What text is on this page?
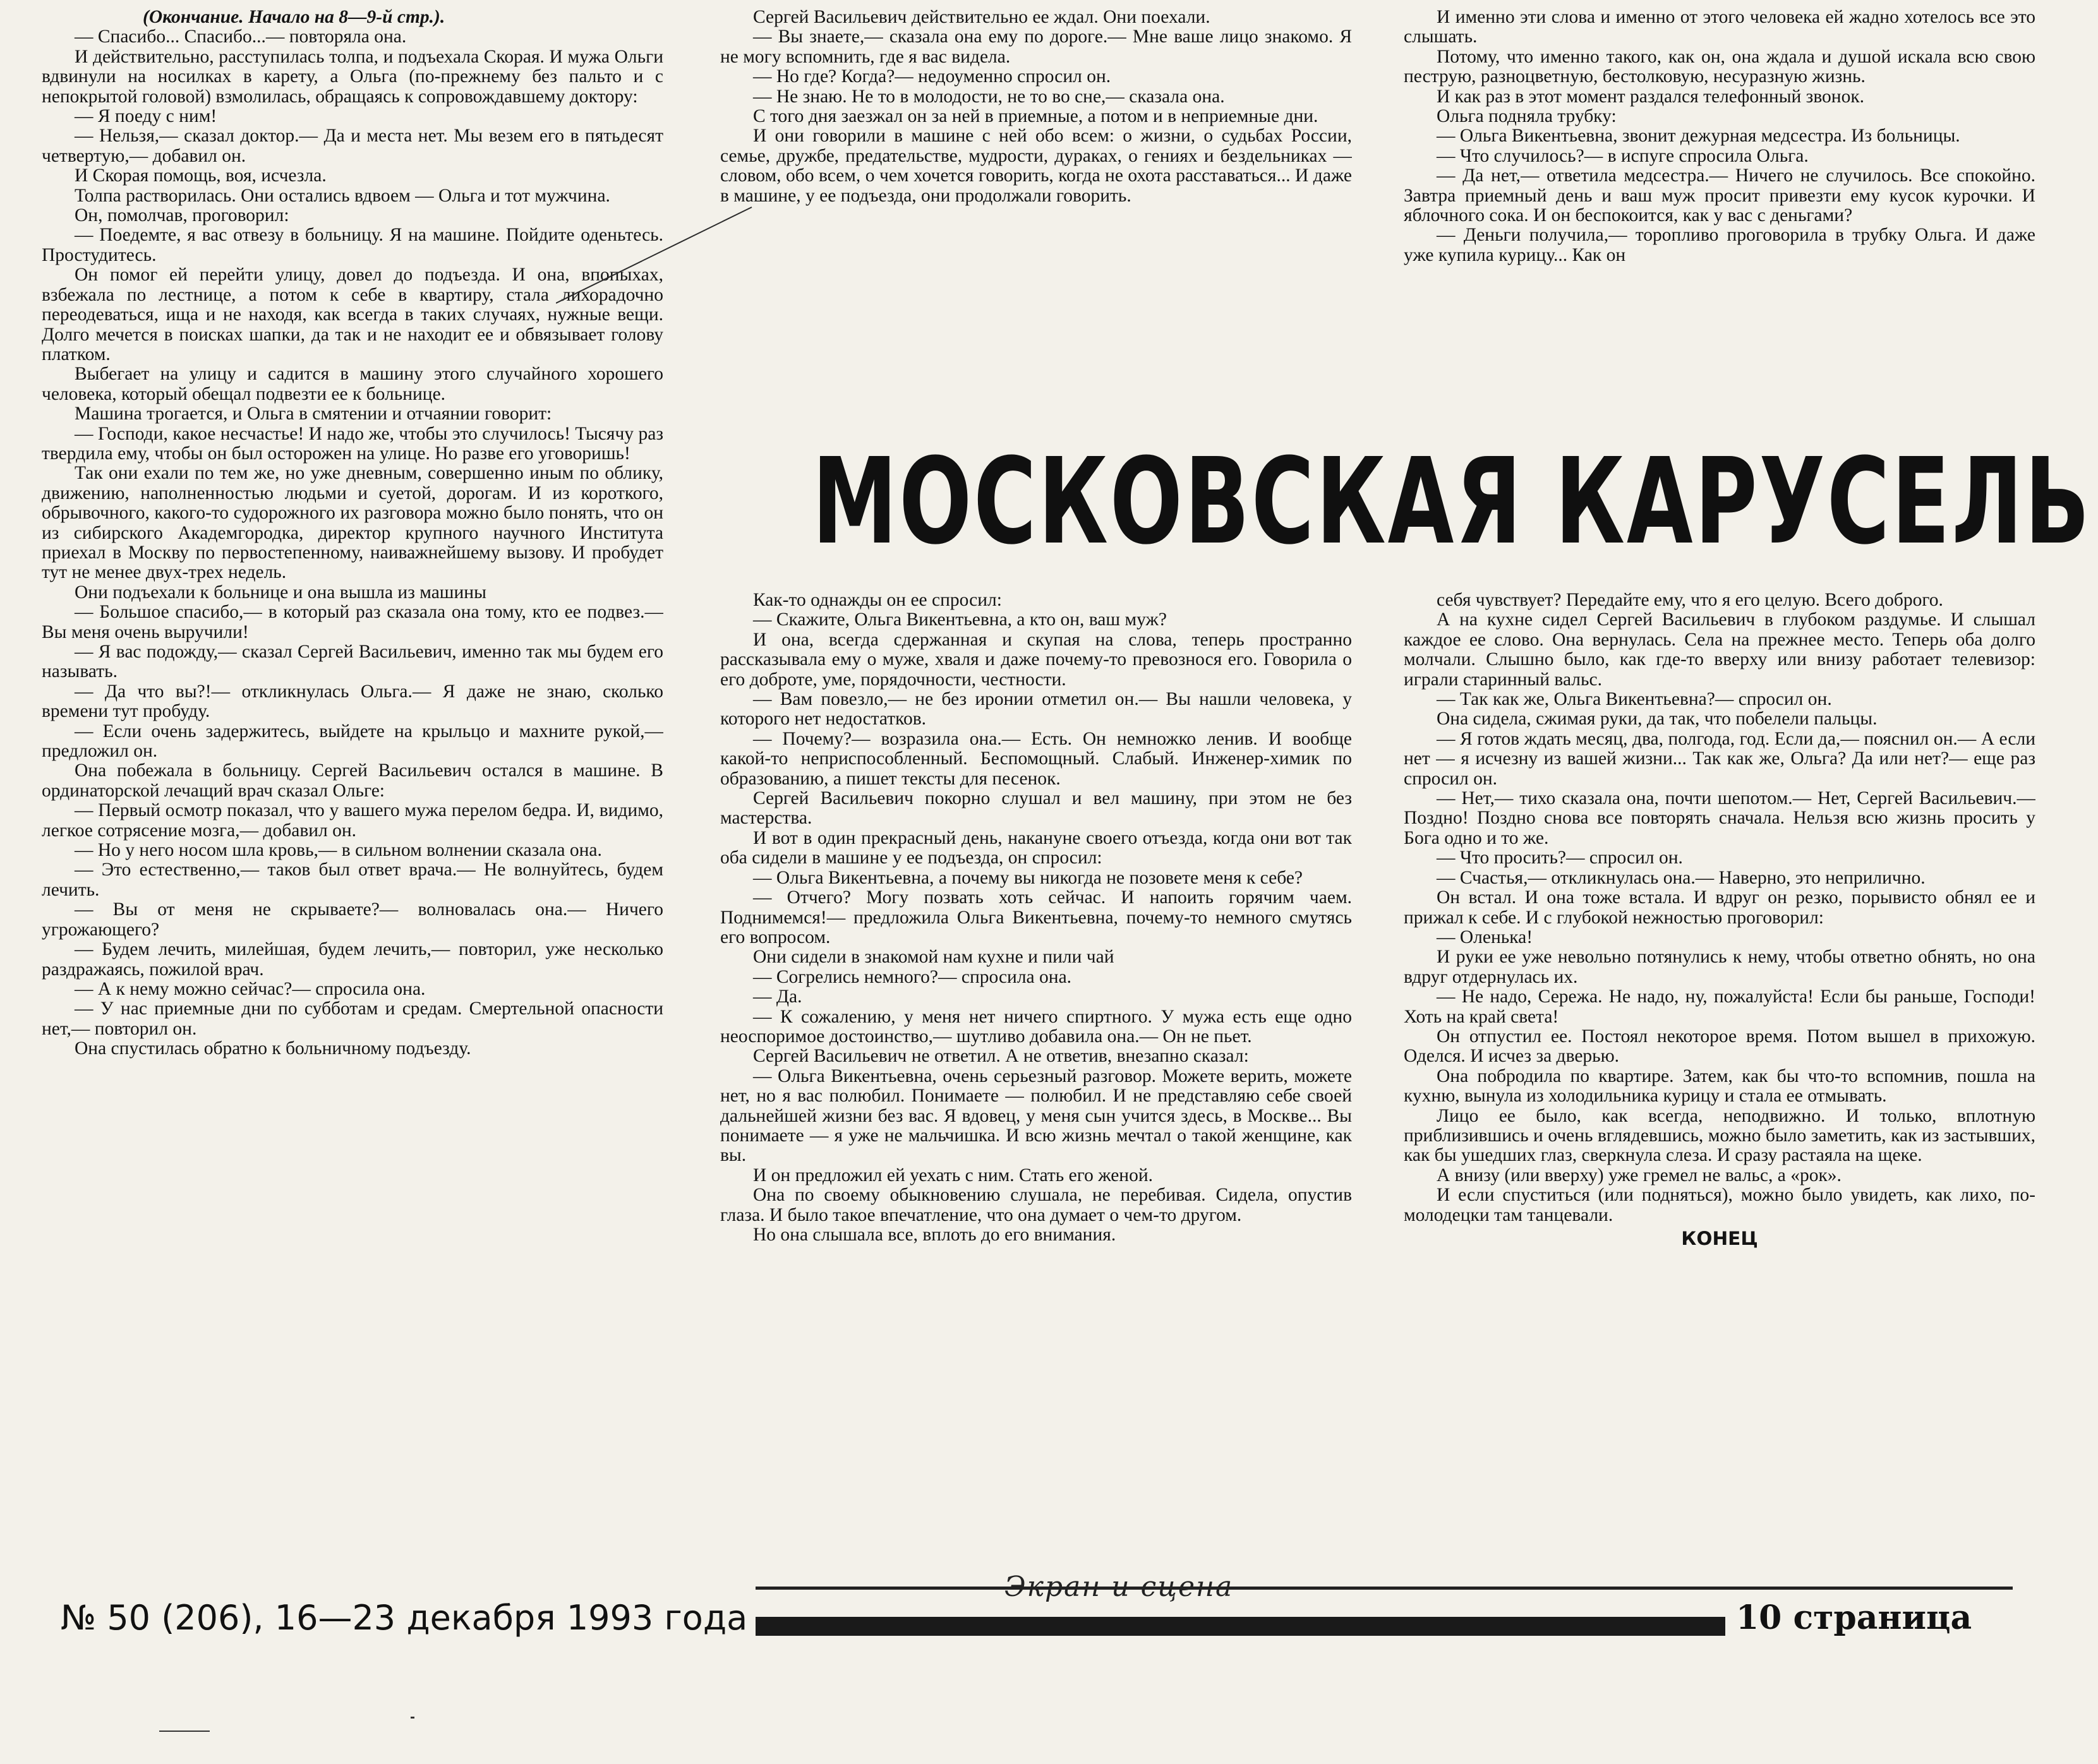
(Окончание. Начало на 8—9-й стр.).

— Спасибо... Спасибо...— повторяла она.

И действительно, расступилась толпа, и подъехала Скорая. И мужа Ольги вдвинули на носилках в карету, а Ольга (по-прежнему без пальто и с непокрытой головой) взмолилась, обращаясь к сопровождавшему доктору:

— Я поеду с ним!

— Нельзя,— сказал доктор.— Да и места нет. Мы везем его в пятьдесят четвертую,— добавил он.

И Скорая помощь, воя, исчезла.

Толпа растворилась. Они остались вдвоем — Ольга и тот мужчина.

Он, помолчав, проговорил:

— Поедемте, я вас отвезу в больницу. Я на машине. Пойдите оденьтесь. Простудитесь.

Он помог ей перейти улицу, довел до подъезда. И она, впопыхах, взбежала по лестнице, а потом к себе в квартиру, стала лихорадочно переодеваться, ища и не находя, как всегда в таких случаях, нужные вещи. Долго мечется в поисках шапки, да так и не находит ее и обвязывает голову платком.

Выбегает на улицу и садится в машину этого случайного хорошего человека, который обещал подвезти ее к больнице.

Машина трогается, и Ольга в смятении и отчаянии говорит:

— Господи, какое несчастье! И надо же, чтобы это случилось! Тысячу раз твердила ему, чтобы он был осторожен на улице. Но разве его уговоришь!

Так они ехали по тем же, но уже дневным, совершенно иным по облику, движению, наполненностью людьми и суетой, дорогам. И из короткого, обрывочного, какого-то судорожного их разговора можно было понять, что он из сибирского Академгородка, директор крупного научного Института приехал в Москву по первостепенному, наиважнейшему вызову. И пробудет тут не менее двух-трех недель.

Они подъехали к больнице и она вышла из машины

— Большое спасибо,— в который раз сказала она тому, кто ее подвез.— Вы меня очень выручили!

— Я вас подожду,— сказал Сергей Васильевич, именно так мы будем его называть.

— Да что вы?!— откликнулась Ольга.— Я даже не знаю, сколько времени тут пробуду.

— Если очень задержитесь, выйдете на крыльцо и махните рукой,— предложил он.

Она побежала в больницу. Сергей Васильевич остался в машине. В ординаторской лечащий врач сказал Ольге:

— Первый осмотр показал, что у вашего мужа перелом бедра. И, видимо, легкое сотрясение мозга,— добавил он.

— Но у него носом шла кровь,— в сильном волнении сказала она.

— Это естественно,— таков был ответ врача.— Не волнуйтесь, будем лечить.

— Вы от меня не скрываете?— волновалась она.— Ничего угрожающего?

— Будем лечить, милейшая, будем лечить,— повторил, уже несколько раздражаясь, пожилой врач.

— А к нему можно сейчас?— спросила она.

— У нас приемные дни по субботам и средам. Смертельной опасности нет,— повторил он.

Она спустилась обратно к больничному подъезду.

Сергей Васильевич действительно ее ждал. Они поехали.

— Вы знаете,— сказала она ему по дороге.— Мне ваше лицо знакомо. Я не могу вспомнить, где я вас видела.

— Но где? Когда?— недоуменно спросил он.

— Не знаю. Не то в молодости, не то во сне,— сказала она.

С того дня заезжал он за ней в приемные, а потом и в неприемные дни.

И они говорили в машине с ней обо всем: о жизни, о судьбах России, семье, дружбе, предательстве, мудрости, дураках, о гениях и бездельниках — словом, обо всем, о чем хочется говорить, когда не охота расставаться... И даже в машине, у ее подъезда, они продолжали говорить.

И именно эти слова и именно от этого человека ей жадно хотелось все это слышать.

Потому, что именно такого, как он, она ждала и душой искала всю свою пеструю, разноцветную, бестолковую, несуразную жизнь.

И как раз в этот момент раздался телефонный звонок.

Ольга подняла трубку:

— Ольга Викентьевна, звонит дежурная медсестра. Из больницы.

— Что случилось?— в испуге спросила Ольга.

— Да нет,— ответила медсестра.— Ничего не случилось. Все спокойно. Завтра приемный день и ваш муж просит привезти ему кусок курочки. И яблочного сока. И он беспокоится, как у вас с деньгами?

— Деньги получила,— торопливо проговорила в трубку Ольга. И даже уже купила курицу... Как он

МОСКОВСКАЯ КАРУСЕЛЬ

Как-то однажды он ее спросил:

— Скажите, Ольга Викентьевна, а кто он, ваш муж?

И она, всегда сдержанная и скупая на слова, теперь пространно рассказывала ему о муже, хваля и даже почему-то превознося его. Говорила о его доброте, уме, порядочности, честности.

— Вам повезло,— не без иронии отметил он.— Вы нашли человека, у которого нет недостатков.

— Почему?— возразила она.— Есть. Он немножко ленив. И вообще какой-то неприспособленный. Беспомощный. Слабый. Инженер-химик по образованию, а пишет тексты для песенок.

Сергей Васильевич покорно слушал и вел машину, при этом не без мастерства.

И вот в один прекрасный день, накануне своего отъезда, когда они вот так оба сидели в машине у ее подъезда, он спросил:

— Ольга Викентьевна, а почему вы никогда не позовете меня к себе?

— Отчего? Могу позвать хоть сейчас. И напоить горячим чаем. Поднимемся!— предложила Ольга Викентьевна, почему-то немного смутясь его вопросом.

Они сидели в знакомой нам кухне и пили чай

— Согрелись немного?— спросила она.

— Да.

— К сожалению, у меня нет ничего спиртного. У мужа есть еще одно неоспоримое достоинство,— шутливо добавила она.— Он не пьет.

Сергей Васильевич не ответил. А не ответив, внезапно сказал:

— Ольга Викентьевна, очень серьезный разговор. Можете верить, можете нет, но я вас полюбил. Понимаете — полюбил. И не представляю себе своей дальнейшей жизни без вас. Я вдовец, у меня сын учится здесь, в Москве... Вы понимаете — я уже не мальчишка. И всю жизнь мечтал о такой женщине, как вы.

И он предложил ей уехать с ним. Стать его женой.

Она по своему обыкновению слушала, не перебивая. Сидела, опустив глаза. И было такое впечатление, что она думает о чем-то другом.

Но она слышала все, вплоть до его внимания.

себя чувствует? Передайте ему, что я его целую. Всего доброго.

А на кухне сидел Сергей Васильевич в глубоком раздумье. И слышал каждое ее слово. Она вернулась. Села на прежнее место. Теперь оба долго молчали. Слышно было, как где-то вверху или внизу работает телевизор: играли старинный вальс.

— Так как же, Ольга Викентьевна?— спросил он.

Она сидела, сжимая руки, да так, что побелели пальцы.

— Я готов ждать месяц, два, полгода, год. Если да,— пояснил он.— А если нет — я исчезну из вашей жизни... Так как же, Ольга? Да или нет?— еще раз спросил он.

— Нет,— тихо сказала она, почти шепотом.— Нет, Сергей Васильевич.— Поздно! Поздно снова все повторять сначала. Нельзя всю жизнь просить у Бога одно и то же.

— Что просить?— спросил он.

— Счастья,— откликнулась она.— Наверно, это неприлично.

Он встал. И она тоже встала. И вдруг он резко, порывисто обнял ее и прижал к себе. И с глубокой нежностью проговорил:

— Оленька!

И руки ее уже невольно потянулись к нему, чтобы ответно обнять, но она вдруг отдернулась их.

— Не надо, Сережа. Не надо, ну, пожалуйста! Если бы раньше, Господи! Хоть на край света!

Он отпустил ее. Постоял некоторое время. Потом вышел в прихожую. Оделся. И исчез за дверью.

Она побродила по квартире. Затем, как бы что-то вспомнив, пошла на кухню, вынула из холодильника курицу и стала ее отмывать.

Лицо ее было, как всегда, неподвижно. И только, вплотную приблизившись и очень вглядевшись, можно было заметить, как из застывших, как бы ушедших глаз, сверкнула слеза. И сразу растаяла на щеке.

А внизу (или вверху) уже гремел не вальс, а «рок».

И если спуститься (или подняться), можно было увидеть, как лихо, по-молодецки там танцевали.

КОНЕЦ

Экран и сцена
№ 50 (206), 16—23 декабря 1993 года	10 страница
